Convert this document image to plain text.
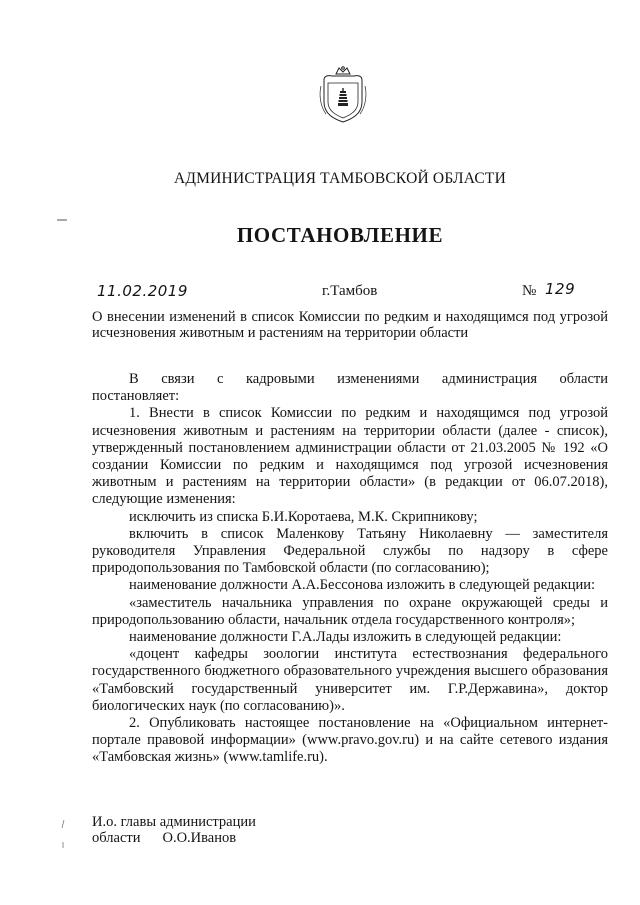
АДМИНИСТРАЦИЯ ТАМБОВСКОЙ ОБЛАСТИ
ПОСТАНОВЛЕНИЕ
11.02.2019	г.Тамбов	№ 129
О внесении изменений в список Комиссии по редким и находящимся под угрозой исчезновения животным и растениям на территории области

В связи с кадровыми изменениями администрация области

постановляет:

1. Внести в список Комиссии по редким и находящимся под угрозой исчезновения животным и растениям на территории области (далее - список), утвержденный постановлением администрации области от 21.03.2005 № 192 «О создании Комиссии по редким и находящимся под угрозой исчезновения животным и растениям на территории области» (в редакции от 06.07.2018), следующие изменения:

исключить из списка Б.И.Коротаева, М.К. Скрипникову;

включить в список Маленкову Татьяну Николаевну — заместителя руководителя Управления Федеральной службы по надзору в сфере природопользования по Тамбовской области (по согласованию);

наименование должности А.А.Бессонова изложить в следующей редакции:

«заместитель начальника управления по охране окружающей среды и природопользованию области, начальник отдела государственного контроля»;

наименование должности Г.А.Лады изложить в следующей редакции:

«доцент кафедры зоологии института естествознания федерального государственного бюджетного образовательного учреждения высшего образования «Тамбовский государственный университет им. Г.Р.Державина», доктор биологических наук (по согласованию)».

2. Опубликовать настоящее постановление на «Официальном интернет-портале правовой информации» (www.pravo.gov.ru) и на сайте сетевого издания «Тамбовская жизнь» (www.tamlife.ru).

И.о. главы администрации
области О.О.Иванов
